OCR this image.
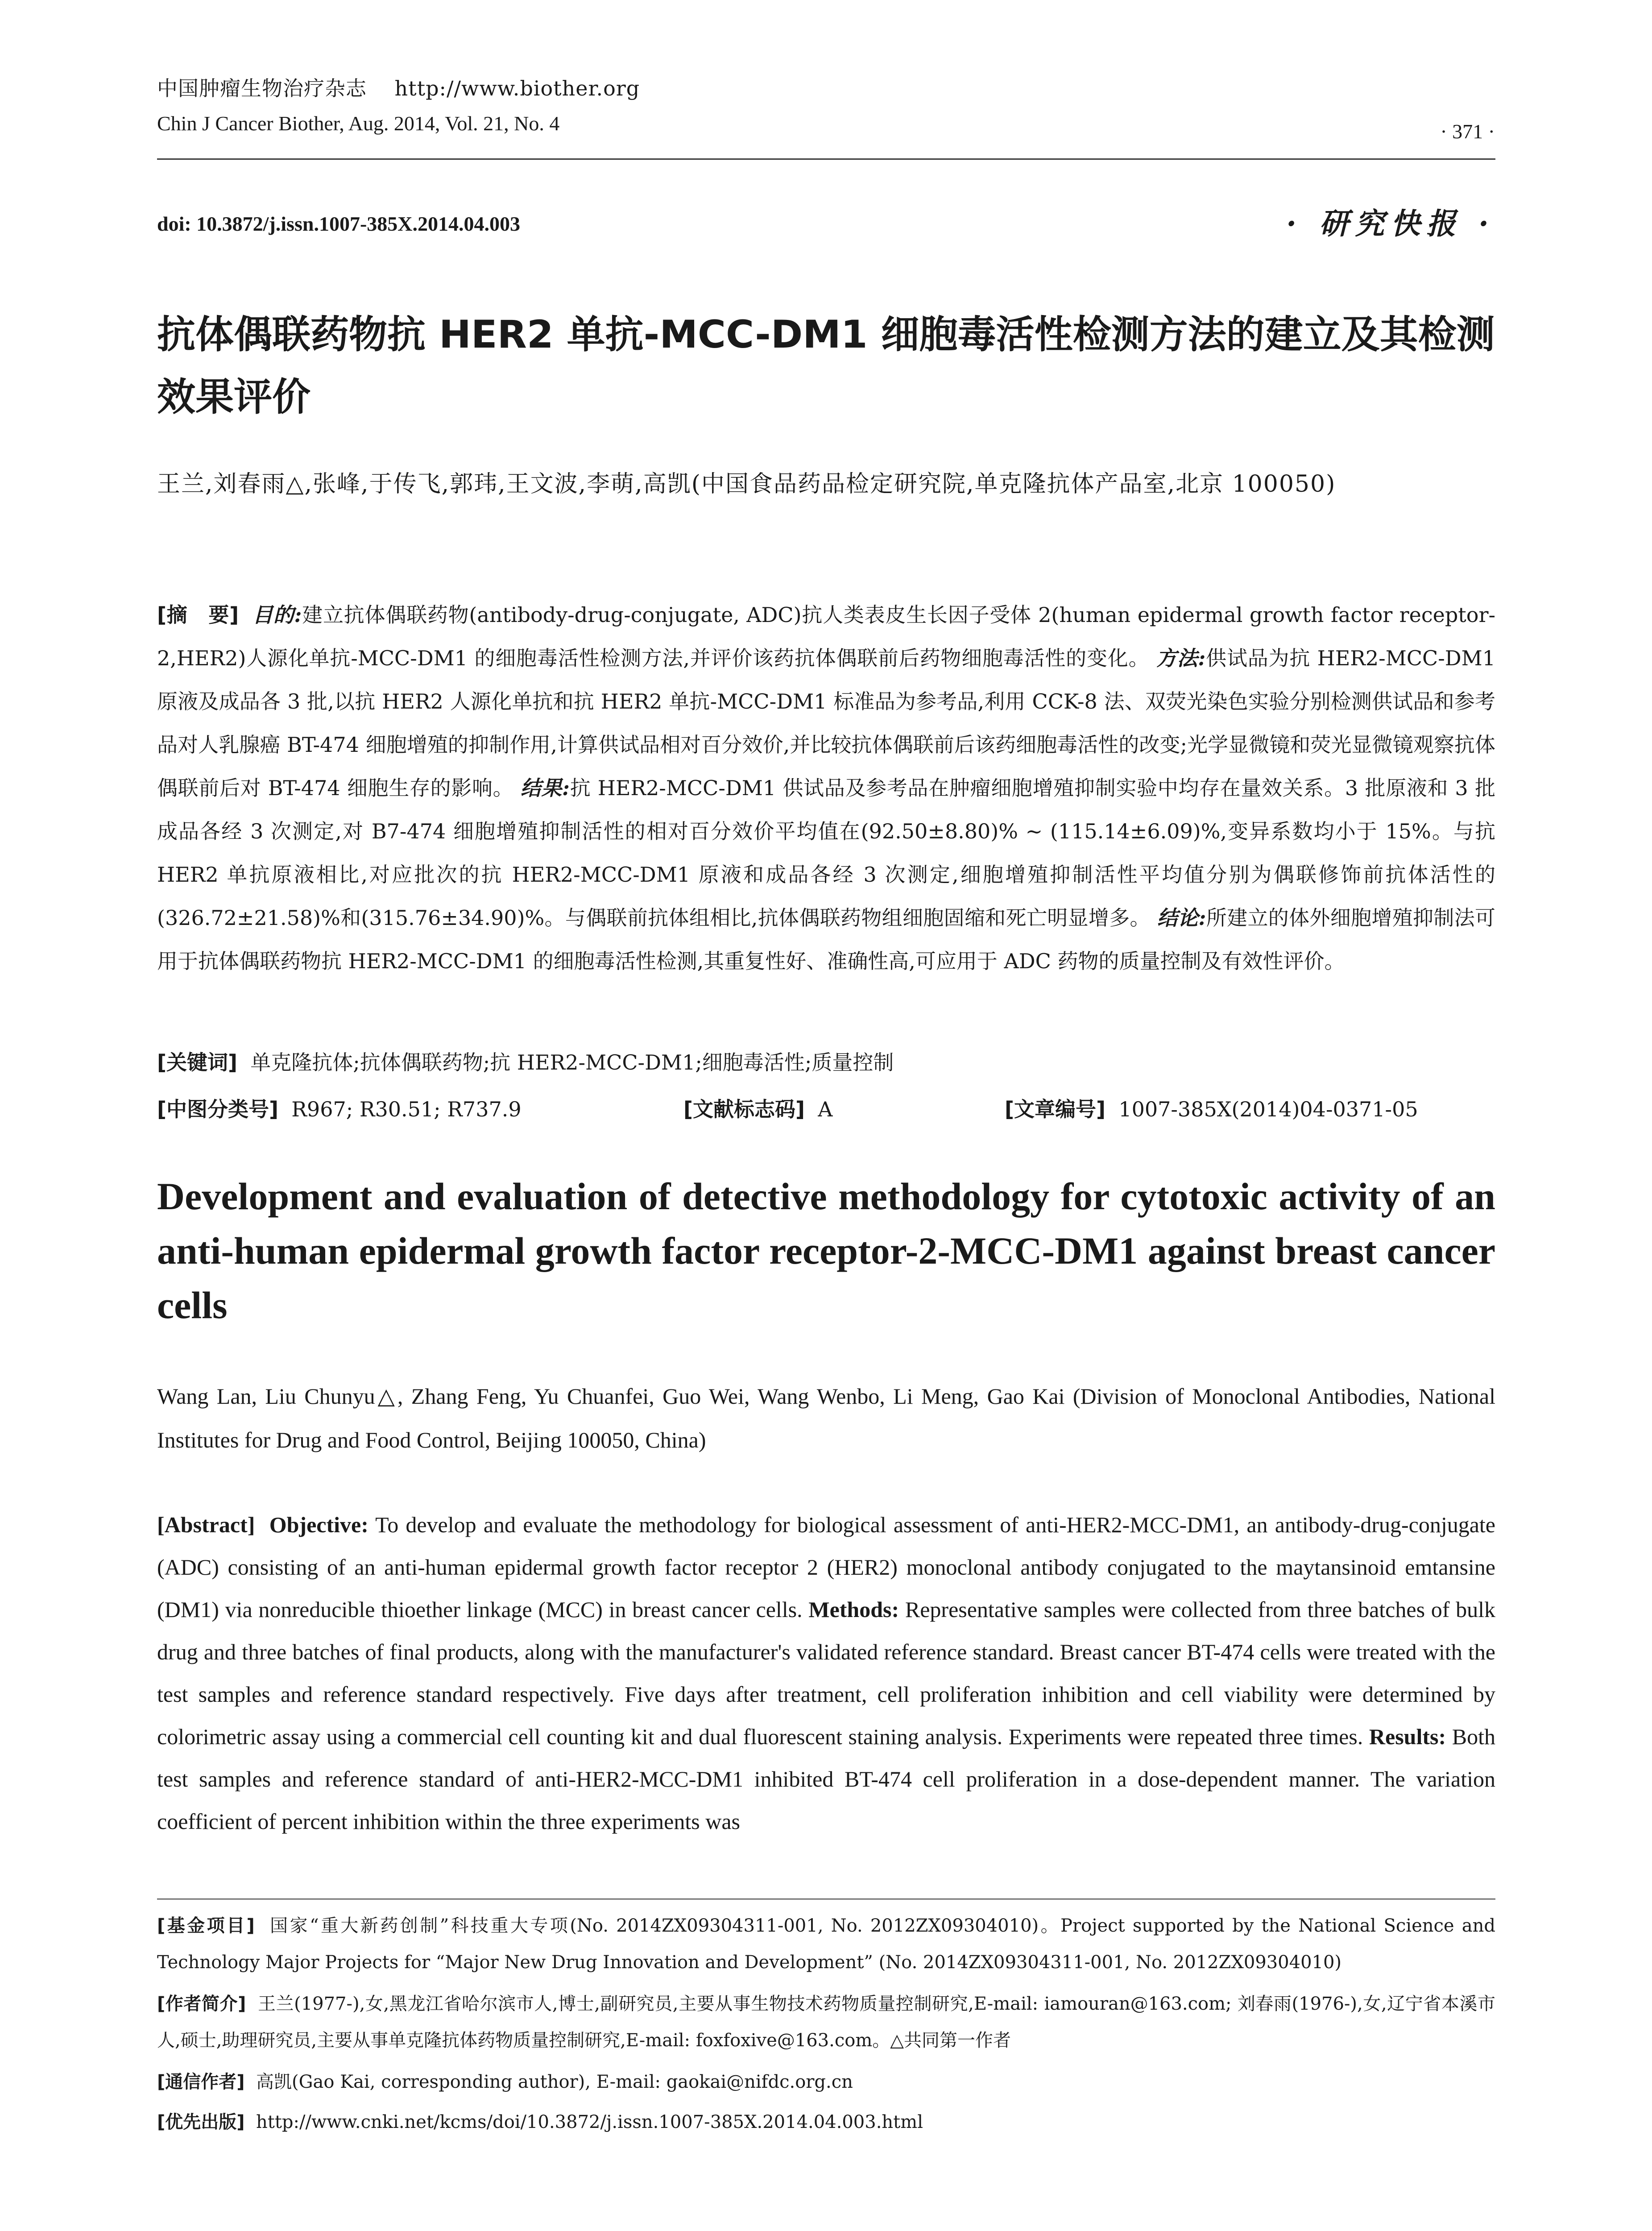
中国肿瘤生物治疗杂志 http://www.biother.org
Chin J Cancer Biother, Aug. 2014, Vol. 21, No. 4	· 371 ·
doi: 10.3872/j.issn.1007-385X.2014.04.003	· 研究快报 ·
抗体偶联药物抗 HER2 单抗-MCC-DM1 细胞毒活性检测方法的建立及其检测效果评价
王兰,刘春雨△,张峰,于传飞,郭玮,王文波,李萌,高凯(中国食品药品检定研究院,单克隆抗体产品室,北京 100050)
[摘　要] 目的:建立抗体偶联药物(antibody-drug-conjugate, ADC)抗人类表皮生长因子受体 2(human epidermal growth factor receptor-2,HER2)人源化单抗-MCC-DM1 的细胞毒活性检测方法,并评价该药抗体偶联前后药物细胞毒活性的变化。 方法:供试品为抗 HER2-MCC-DM1 原液及成品各 3 批,以抗 HER2 人源化单抗和抗 HER2 单抗-MCC-DM1 标准品为参考品,利用 CCK-8 法、双荧光染色实验分别检测供试品和参考品对人乳腺癌 BT-474 细胞增殖的抑制作用,计算供试品相对百分效价,并比较抗体偶联前后该药细胞毒活性的改变;光学显微镜和荧光显微镜观察抗体偶联前后对 BT-474 细胞生存的影响。 结果:抗 HER2-MCC-DM1 供试品及参考品在肿瘤细胞增殖抑制实验中均存在量效关系。3 批原液和 3 批成品各经 3 次测定,对 B7-474 细胞增殖抑制活性的相对百分效价平均值在(92.50±8.80)% ~ (115.14±6.09)%,变异系数均小于 15%。与抗 HER2 单抗原液相比,对应批次的抗 HER2-MCC-DM1 原液和成品各经 3 次测定,细胞增殖抑制活性平均值分别为偶联修饰前抗体活性的(326.72±21.58)%和(315.76±34.90)%。与偶联前抗体组相比,抗体偶联药物组细胞固缩和死亡明显增多。 结论:所建立的体外细胞增殖抑制法可用于抗体偶联药物抗 HER2-MCC-DM1 的细胞毒活性检测,其重复性好、准确性高,可应用于 ADC 药物的质量控制及有效性评价。
[关键词] 单克隆抗体;抗体偶联药物;抗 HER2-MCC-DM1;细胞毒活性;质量控制
[中图分类号] R967; R30.51; R737.9	[文献标志码] A	[文章编号] 1007-385X(2014)04-0371-05
Development and evaluation of detective methodology for cytotoxic activity of an anti-human epidermal growth factor receptor-2-MCC-DM1 against breast cancer cells
Wang Lan, Liu Chunyu△, Zhang Feng, Yu Chuanfei, Guo Wei, Wang Wenbo, Li Meng, Gao Kai (Division of Monoclonal Antibodies, National Institutes for Drug and Food Control, Beijing 100050, China)
[Abstract] Objective: To develop and evaluate the methodology for biological assessment of anti-HER2-MCC-DM1, an antibody-drug-conjugate (ADC) consisting of an anti-human epidermal growth factor receptor 2 (HER2) monoclonal antibody conjugated to the maytansinoid emtansine (DM1) via nonreducible thioether linkage (MCC) in breast cancer cells. Methods: Representative samples were collected from three batches of bulk drug and three batches of final products, along with the manufacturer's validated reference standard. Breast cancer BT-474 cells were treated with the test samples and reference standard respectively. Five days after treatment, cell proliferation inhibition and cell viability were determined by colorimetric assay using a commercial cell counting kit and dual fluorescent staining analysis. Experiments were repeated three times. Results: Both test samples and reference standard of anti-HER2-MCC-DM1 inhibited BT-474 cell proliferation in a dose-dependent manner. The variation coefficient of percent inhibition within the three experiments was
[基金项目] 国家“重大新药创制”科技重大专项(No. 2014ZX09304311-001, No. 2012ZX09304010)。Project supported by the National Science and Technology Major Projects for “Major New Drug Innovation and Development” (No. 2014ZX09304311-001, No. 2012ZX09304010)
[作者简介] 王兰(1977-),女,黑龙江省哈尔滨市人,博士,副研究员,主要从事生物技术药物质量控制研究,E-mail: iamouran@163.com; 刘春雨(1976-),女,辽宁省本溪市人,硕士,助理研究员,主要从事单克隆抗体药物质量控制研究,E-mail: foxfoxive@163.com。△共同第一作者
[通信作者] 高凯(Gao Kai, corresponding author), E-mail: gaokai@nifdc.org.cn
[优先出版] http://www.cnki.net/kcms/doi/10.3872/j.issn.1007-385X.2014.04.003.html
